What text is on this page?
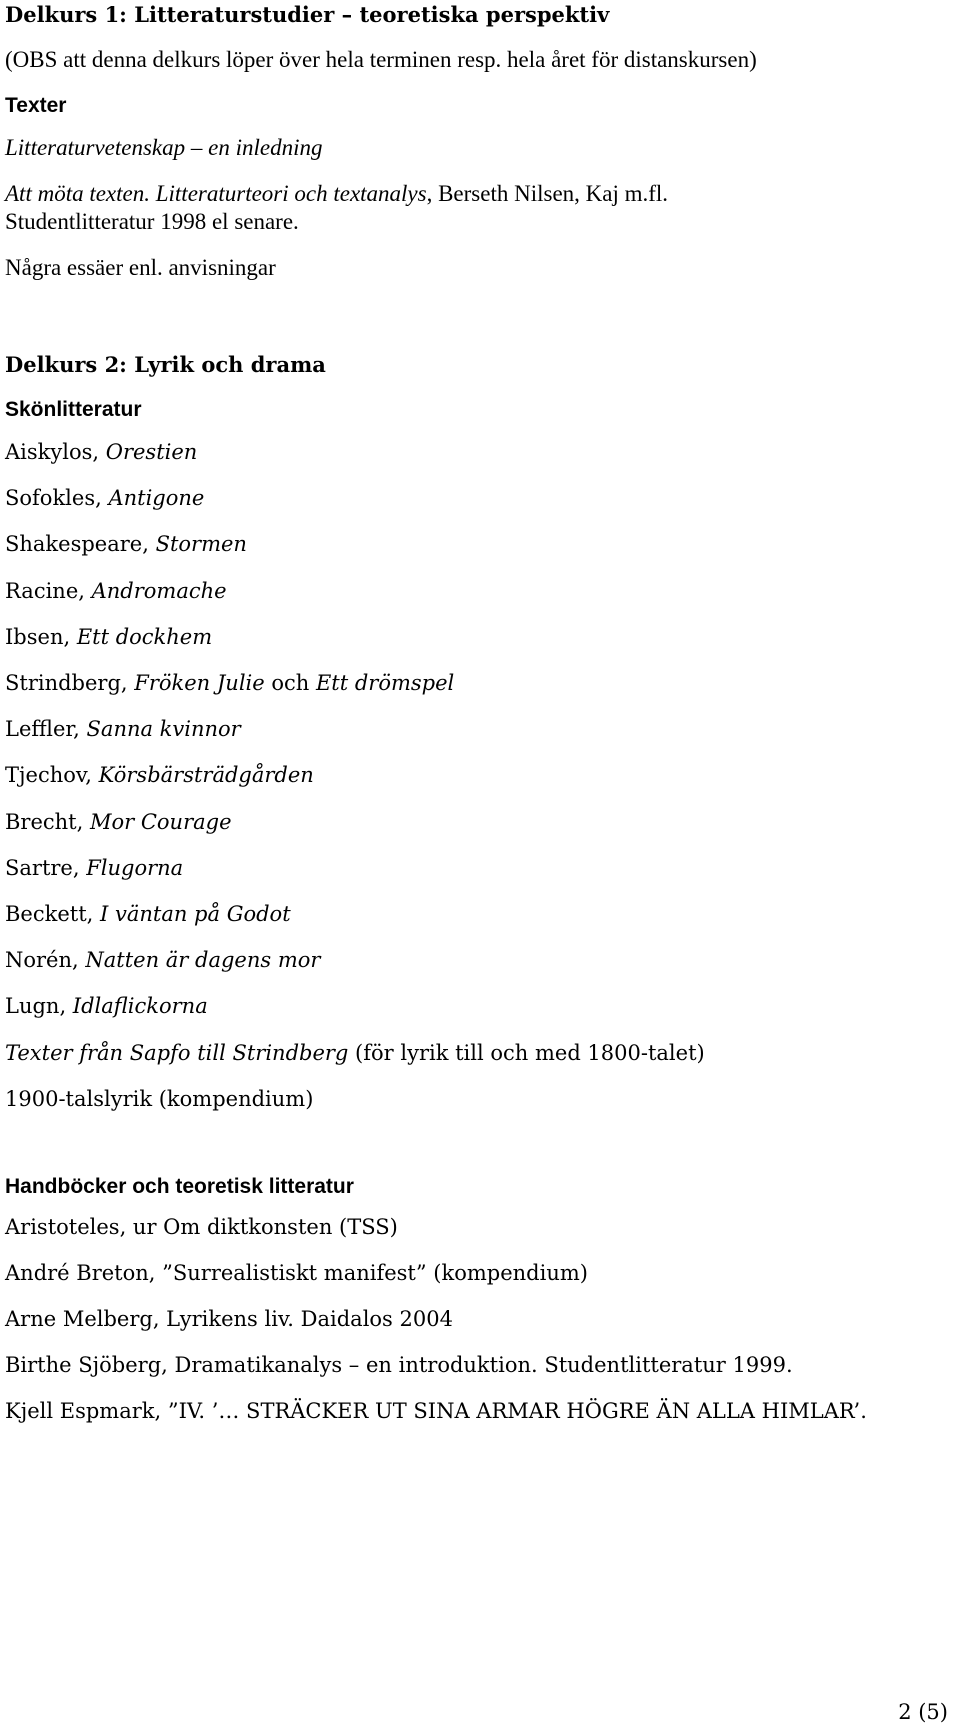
Delkurs 1: Litteraturstudier – teoretiska perspektiv
(OBS att denna delkurs löper över hela terminen resp. hela året för distanskursen)
Texter
Litteraturvetenskap – en inledning
Att möta texten. Litteraturteori och textanalys, Berseth Nilsen, Kaj m.fl.
Studentlitteratur 1998 el senare.
Några essäer enl. anvisningar
Delkurs 2: Lyrik och drama
Skönlitteratur
Aiskylos, Orestien
Sofokles, Antigone
Shakespeare, Stormen
Racine, Andromache
Ibsen, Ett dockhem
Strindberg, Fröken Julie och Ett drömspel
Leffler, Sanna kvinnor
Tjechov, Körsbärsträdgården
Brecht, Mor Courage
Sartre, Flugorna
Beckett, I väntan på Godot
Norén, Natten är dagens mor
Lugn, Idlaflickorna
Texter från Sapfo till Strindberg (för lyrik till och med 1800-talet)
1900-talslyrik (kompendium)
Handböcker och teoretisk litteratur
Aristoteles, ur Om diktkonsten (TSS)
André Breton, ”Surrealistiskt manifest” (kompendium)
Arne Melberg, Lyrikens liv. Daidalos 2004
Birthe Sjöberg, Dramatikanalys – en introduktion. Studentlitteratur 1999.
Kjell Espmark, ”IV. ’… STRÄCKER UT SINA ARMAR HÖGRE ÄN ALLA HIMLAR’.
2 (5)
